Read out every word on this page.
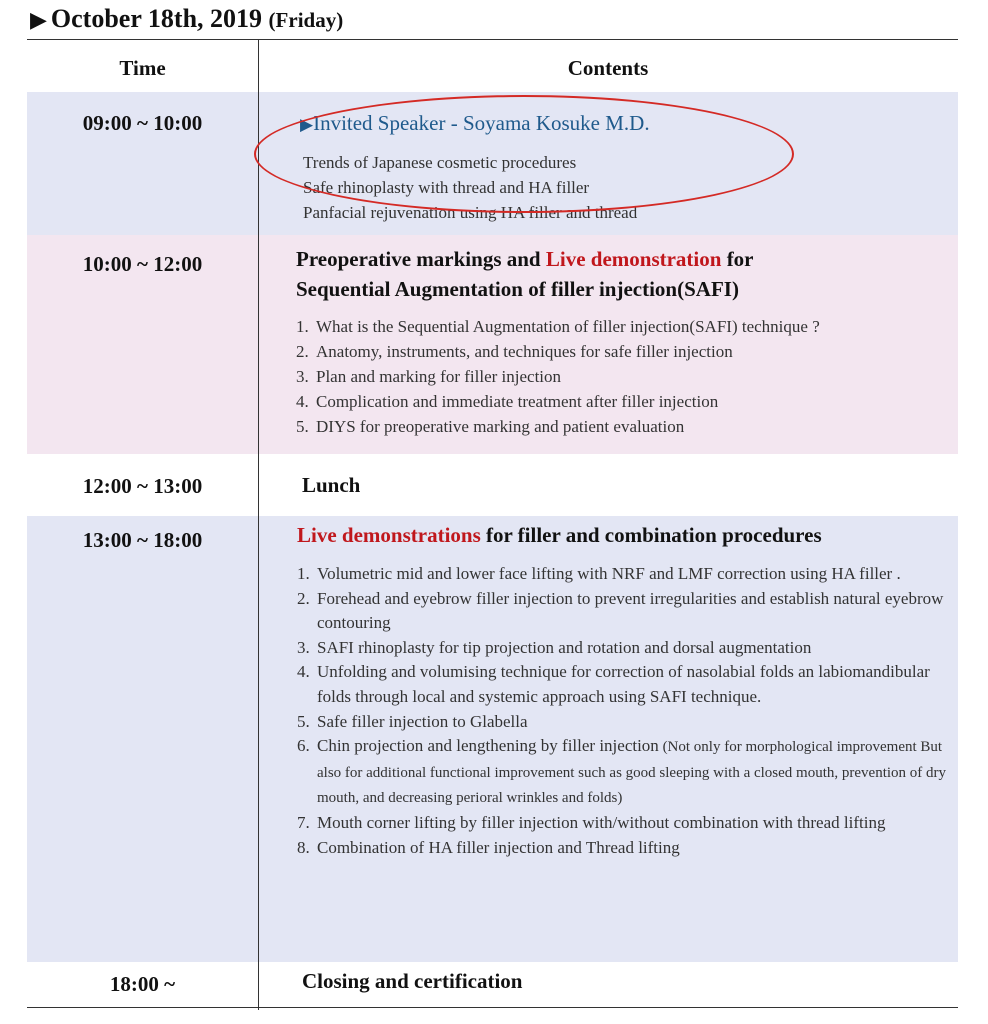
▶ October 18th, 2019 (Friday)
Time	Contents
09:00 ~ 10:00	▶Invited Speaker - Soyama Kosuke M.D.
Trends of Japanese cosmetic procedures
Safe rhinoplasty with thread and HA filler
Panfacial rejuvenation using HA filler and thread
10:00 ~ 12:00	Preoperative markings and Live demonstration for
Sequential Augmentation of filler injection(SAFI)
1. What is the Sequential Augmentation of filler injection(SAFI) technique ?
2. Anatomy, instruments, and techniques for safe filler injection
3. Plan and marking for filler injection
4. Complication and immediate treatment after filler injection
5. DIYS for preoperative marking and patient evaluation
12:00 ~ 13:00	Lunch
13:00 ~ 18:00	Live demonstrations for filler and combination procedures
1. Volumetric mid and lower face lifting with NRF and LMF correction using HA filler .
2. Forehead and eyebrow filler injection to prevent irregularities and establish natural eyebrow contouring
3. SAFI rhinoplasty for tip projection and rotation and dorsal augmentation
4. Unfolding and volumising technique for correction of nasolabial folds an labiomandibular folds through local and systemic approach using SAFI technique.
5. Safe filler injection to Glabella
6. Chin projection and lengthening by filler injection (Not only for morphological improvement But also for additional functional improvement such as good sleeping with a closed mouth, prevention of dry mouth, and decreasing perioral wrinkles and folds)
7. Mouth corner lifting by filler injection with/without combination with thread lifting
8. Combination of HA filler injection and Thread lifting
18:00 ~	Closing and certification
